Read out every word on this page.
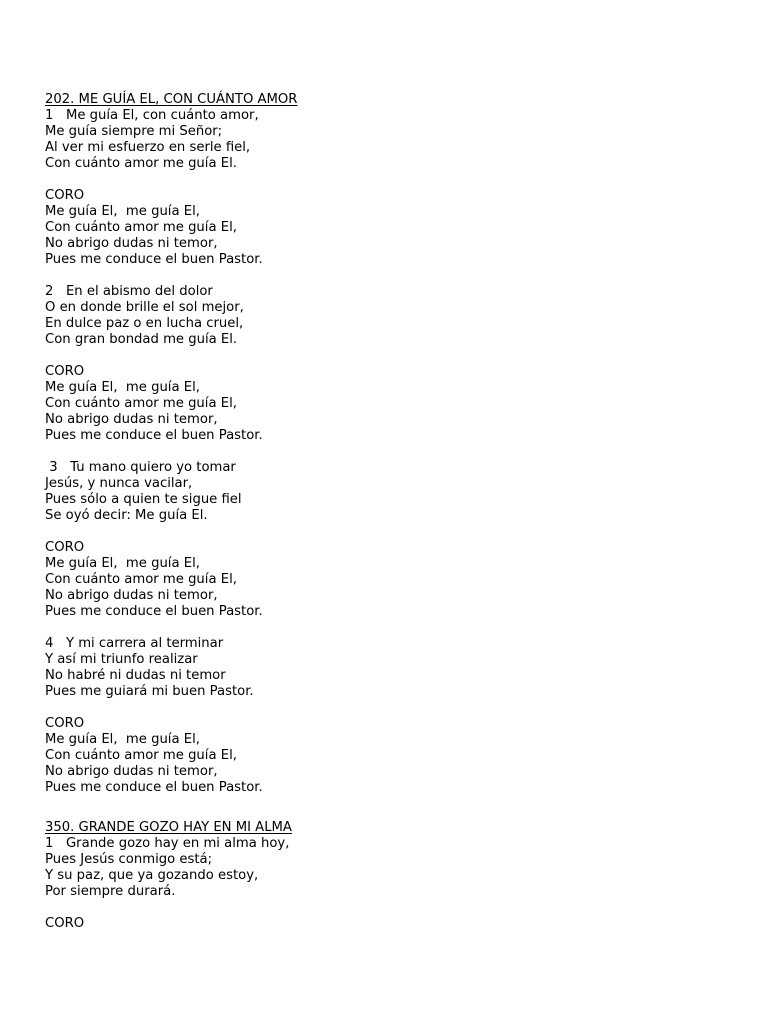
202. ME GUÍA EL, CON CUÁNTO AMOR

1   Me guía El, con cuánto amor,

Me guía siempre mi Señor;

Al ver mi esfuerzo en serle fiel,

Con cuánto amor me guía El.

CORO

Me guía El,  me guía El,

Con cuánto amor me guía El,

No abrigo dudas ni temor,

Pues me conduce el buen Pastor.

2   En el abismo del dolor

O en donde brille el sol mejor,

En dulce paz o en lucha cruel,

Con gran bondad me guía El.

CORO

Me guía El,  me guía El,

Con cuánto amor me guía El,

No abrigo dudas ni temor,

Pues me conduce el buen Pastor.

3   Tu mano quiero yo tomar

Jesús, y nunca vacilar,

Pues sólo a quien te sigue fiel

Se oyó decir: Me guía El.

CORO

Me guía El,  me guía El,

Con cuánto amor me guía El,

No abrigo dudas ni temor,

Pues me conduce el buen Pastor.

4   Y mi carrera al terminar

Y así mi triunfo realizar

No habré ni dudas ni temor

Pues me guiará mi buen Pastor.

CORO

Me guía El,  me guía El,

Con cuánto amor me guía El,

No abrigo dudas ni temor,

Pues me conduce el buen Pastor.

350. GRANDE GOZO HAY EN MI ALMA

1   Grande gozo hay en mi alma hoy,

Pues Jesús conmigo está;

Y su paz, que ya gozando estoy,

Por siempre durará.

CORO
